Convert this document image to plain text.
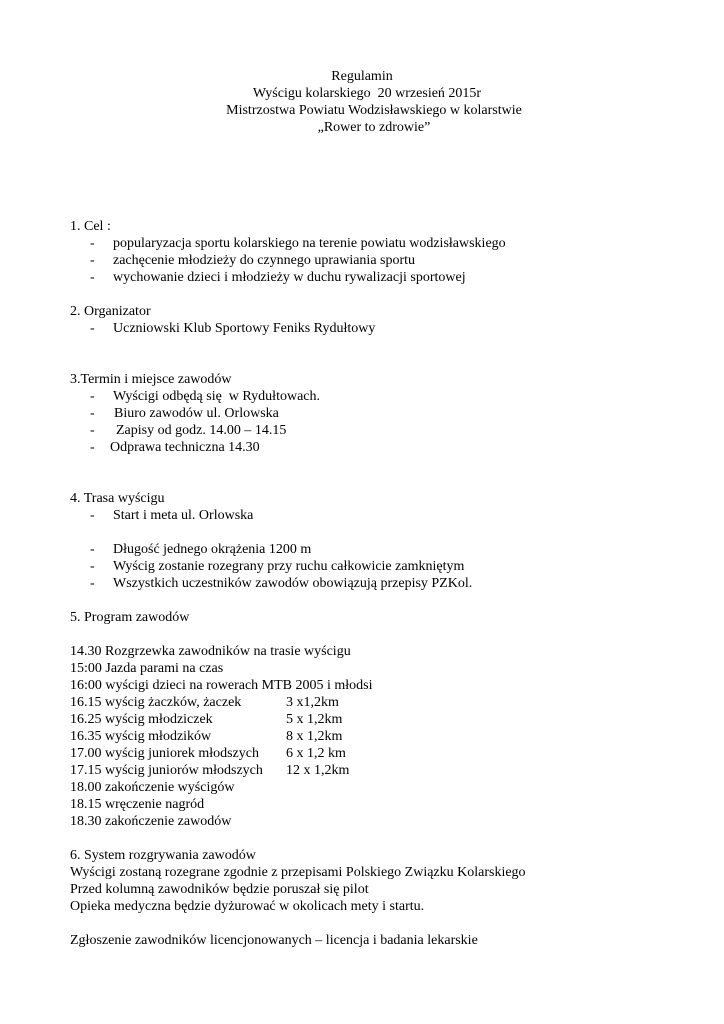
Regulamin
Wyścigu kolarskiego  20 wrzesień 2015r
Mistrzostwa Powiatu Wodzisławskiego w kolarstwie
„Rower to zdrowie”
1. Cel :
- popularyzacja sportu kolarskiego na terenie powiatu wodzisławskiego
- zachęcenie młodzieży do czynnego uprawiania sportu
- wychowanie dzieci i młodzieży w duchu rywalizacji sportowej
2. Organizator
- Uczniowski Klub Sportowy Feniks Rydułtowy
3.Termin i miejsce zawodów
- Wyścigi odbędą się  w Rydułtowach.
- Biuro zawodów ul. Orlowska
- Zapisy od godz. 14.00 – 14.15
- Odprawa techniczna 14.30
4. Trasa wyścigu
- Start i meta ul. Orlowska
- Długość jednego okrążenia 1200 m
- Wyścig zostanie rozegrany przy ruchu całkowicie zamkniętym
- Wszystkich uczestników zawodów obowiązują przepisy PZKol.
5. Program zawodów
14.30 Rozgrzewka zawodników na trasie wyścigu
15:00 Jazda parami na czas
16:00 wyścigi dzieci na rowerach MTB 2005 i młodsi
16.15 wyścig żaczków, żaczek	3 x1,2km
16.25 wyścig młodziczek	5 x 1,2km
16.35 wyścig młodzików	8 x 1,2km
17.00 wyścig juniorek młodszych 6 x 1,2 km
17.15 wyścig juniorów młodszych 12 x 1,2km
18.00 zakończenie wyścigów
18.15 wręczenie nagród
18.30 zakończenie zawodów
6. System rozgrywania zawodów
Wyścigi zostaną rozegrane zgodnie z przepisami Polskiego Związku Kolarskiego
Przed kolumną zawodników będzie poruszał się pilot
Opieka medyczna będzie dyżurować w okolicach mety i startu.
Zgłoszenie zawodników licencjonowanych – licencja i badania lekarskie
